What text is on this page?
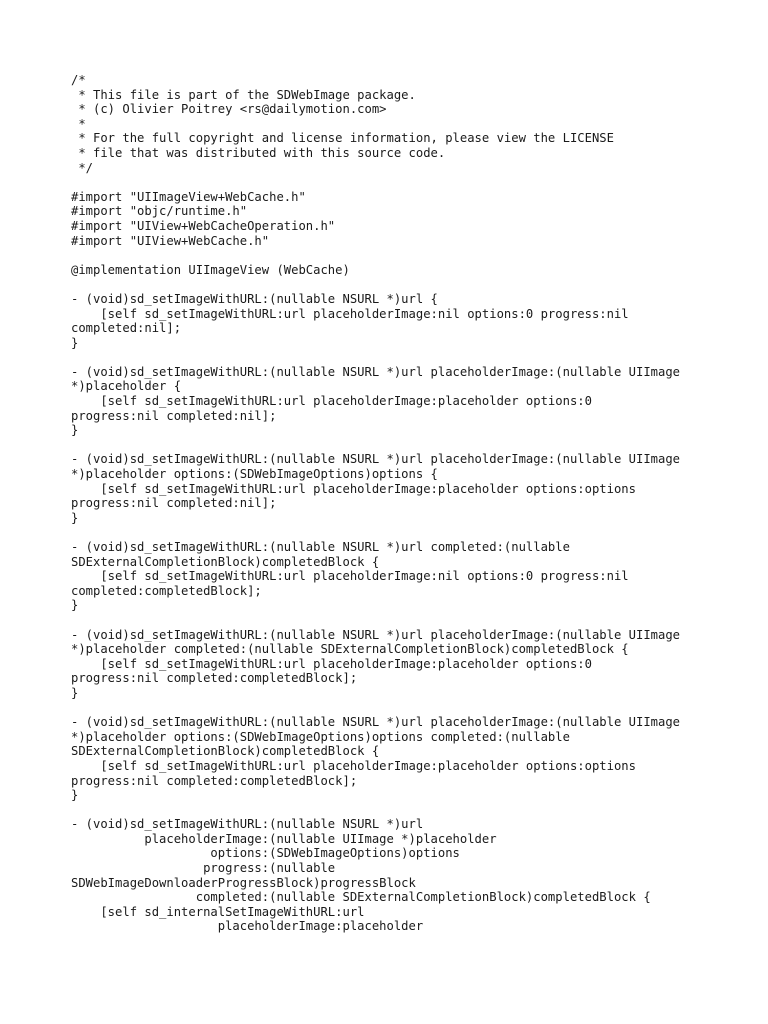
/*
* This file is part of the SDWebImage package.
* (c) Olivier Poitrey <rs@dailymotion.com>
*
* For the full copyright and license information, please view the LICENSE
* file that was distributed with this source code.
*/
#import "UIImageView+WebCache.h"
#import "objc/runtime.h"
#import "UIView+WebCacheOperation.h"
#import "UIView+WebCache.h"
@implementation UIImageView (WebCache)
- (void)sd_setImageWithURL:(nullable NSURL *)url {
[self sd_setImageWithURL:url placeholderImage:nil options:0 progress:nil
completed:nil];
}
- (void)sd_setImageWithURL:(nullable NSURL *)url placeholderImage:(nullable UIImage
*)placeholder {
[self sd_setImageWithURL:url placeholderImage:placeholder options:0
progress:nil completed:nil];
}
- (void)sd_setImageWithURL:(nullable NSURL *)url placeholderImage:(nullable UIImage
*)placeholder options:(SDWebImageOptions)options {
[self sd_setImageWithURL:url placeholderImage:placeholder options:options
progress:nil completed:nil];
}
- (void)sd_setImageWithURL:(nullable NSURL *)url completed:(nullable
SDExternalCompletionBlock)completedBlock {
[self sd_setImageWithURL:url placeholderImage:nil options:0 progress:nil
completed:completedBlock];
}
- (void)sd_setImageWithURL:(nullable NSURL *)url placeholderImage:(nullable UIImage
*)placeholder completed:(nullable SDExternalCompletionBlock)completedBlock {
[self sd_setImageWithURL:url placeholderImage:placeholder options:0
progress:nil completed:completedBlock];
}
- (void)sd_setImageWithURL:(nullable NSURL *)url placeholderImage:(nullable UIImage
*)placeholder options:(SDWebImageOptions)options completed:(nullable
SDExternalCompletionBlock)completedBlock {
[self sd_setImageWithURL:url placeholderImage:placeholder options:options
progress:nil completed:completedBlock];
}
- (void)sd_setImageWithURL:(nullable NSURL *)url
placeholderImage:(nullable UIImage *)placeholder
options:(SDWebImageOptions)options
progress:(nullable
SDWebImageDownloaderProgressBlock)progressBlock
completed:(nullable SDExternalCompletionBlock)completedBlock {
[self sd_internalSetImageWithURL:url
placeholderImage:placeholder
